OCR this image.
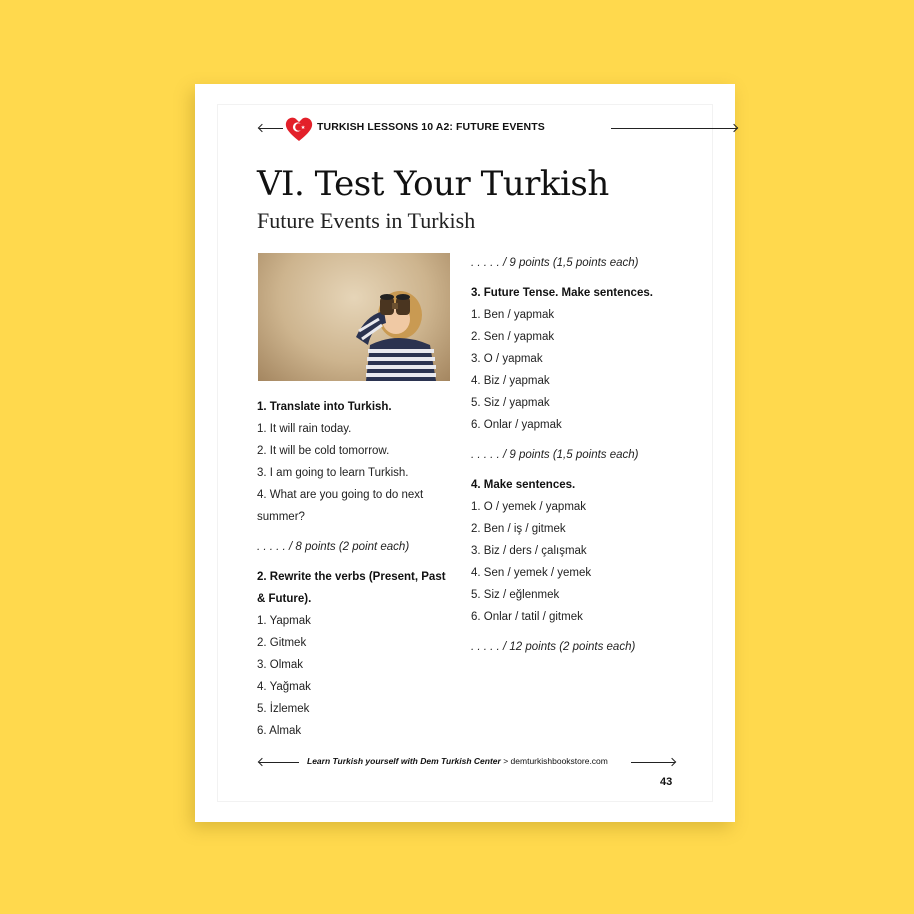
TURKISH LESSONS 10 A2: FUTURE EVENTS
VI. Test Your Turkish
Future Events in Turkish
1. Translate into Turkish.
1. It will rain today.
2. It will be cold tomorrow.
3. I am going to learn Turkish.
4. What are you going to do next summer?
. . . . . / 8 points (2 point each)
2. Rewrite the verbs (Present, Past & Future).
1. Yapmak
2. Gitmek
3. Olmak
4. Yağmak
5. İzlemek
6. Almak
. . . . . / 9 points (1,5 points each)
3. Future Tense. Make sentences.
1. Ben / yapmak
2. Sen / yapmak
3. O / yapmak
4. Biz / yapmak
5. Siz / yapmak
6. Onlar / yapmak
. . . . . / 9 points (1,5 points each)
4. Make sentences.
1. O / yemek / yapmak
2. Ben / iş / gitmek
3. Biz / ders / çalışmak
4. Sen / yemek / yemek
5. Siz / eğlenmek
6. Onlar / tatil / gitmek
. . . . . / 12 points (2 points each)
Learn Turkish yourself with Dem Turkish Center > demturkishbookstore.com
43
